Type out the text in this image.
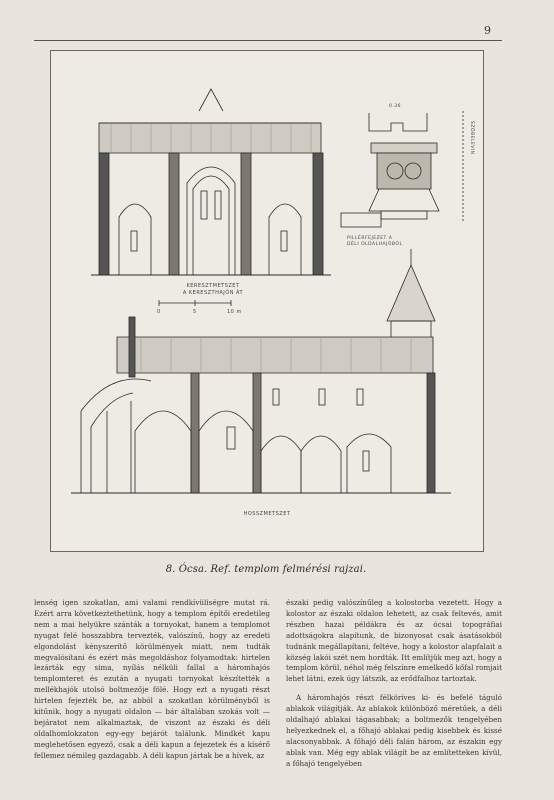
9
KERESZTMETSZET
A KERESZTHAJÓN ÁT
0	5	10 m
PILLÉRFEJEZET A
DÉLI OLDALHAJÓBÓL
0.36
SZÖBELEVIN
HOSSZMETSZET
8. Ócsa. Ref. templom felmérési rajzai.

lenség igen szokatlan, ami valami rendkívüliségre mutat rá. Ezért arra következtethetünk, hogy a templom építői eredetileg nem a mai helyükre szánták a tornyokat, hanem a templomot nyugat felé hosszabbra tervezték, valószínű, hogy az eredeti elgondolást kényszerítő körülmények miatt, nem tudták megvalósítani és ezért más megoldáshoz folyamodtak: hirtelen lezárták egy sima, nyílás nélküli fallal a háromhajós templomteret és ezután a nyugati tornyokat készítették a mellékhajók utolsó boltmezője fölé. Hogy ezt a nyugati részt hirtelen fejezték be, az abból a szokatlan körülményből is kitűnik, hogy a nyugati oldalon — bár általában szokás volt — bejáratot nem alkalmaztak, de viszont az északi és déli oldalhomlokzaton egy-egy bejárót találunk. Mindkét kapu meglehetősen egyező, csak a déli kapun a fejezetek és a kísérő fellemez némileg gazdagabb. A déli kapun jártak be a hívek, az

északi pedig valószínűleg a kolostorba vezetett. Hogy a kolostor az északi oldalon lehetett, az csak feltevés, amit részben hazai példákra és az ócsai topográfiai adottságokra alapítunk, de bizonyosat csak ásatásokból tudnánk megállapítani, feltéve, hogy a kolostor alapfalait a község lakói szét nem hordták. Itt említjük meg azt, hogy a templom körül, néhol még felszínre emelkedő kőfal romjait lehet látni, ezek úgy látszik, az erődfalhoz tartoztak.

A háromhajós részt félköríves ki- és befelé táguló ablakok világítják. Az ablakok különböző méretűek, a déli oldalhajó ablakai tágasabbak; a boltmezők tengelyében helyezkednek el, a főhajó ablakai pedig kisebbek és kissé alacsonyabbak. A főhajó déli falán három, az északin egy ablak van. Még egy ablak világít be az említetteken kívül, a főhajó tengelyében
